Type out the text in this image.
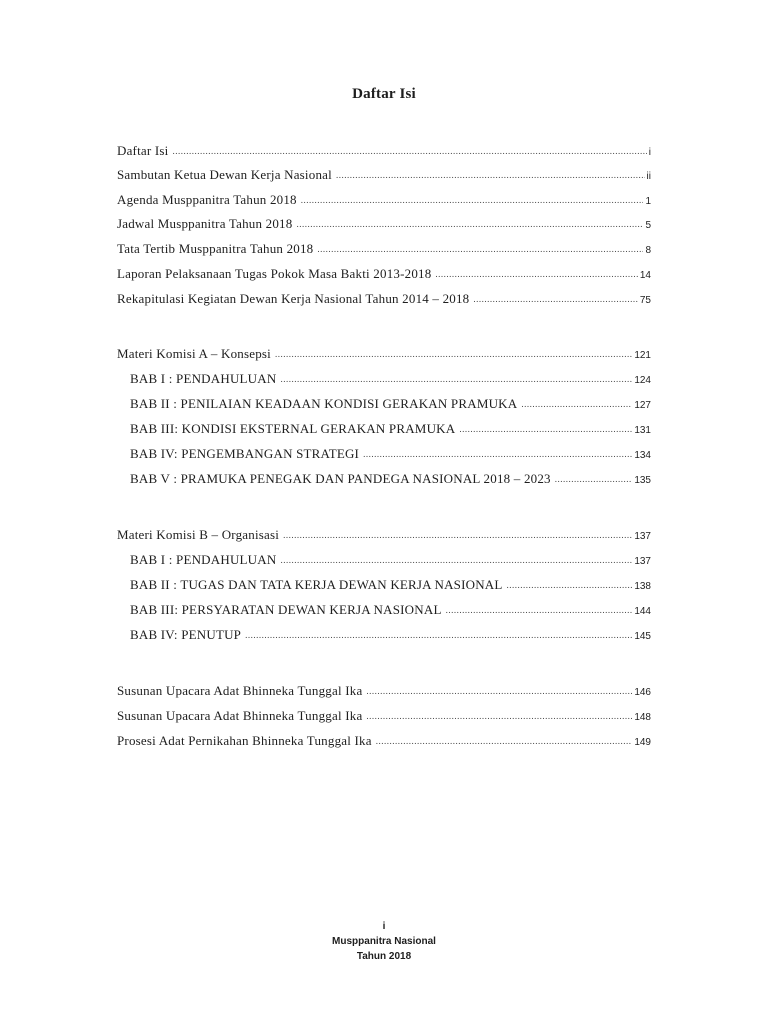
Daftar Isi
Daftar Isi .....	i
Sambutan Ketua Dewan Kerja Nasional .....	ii
Agenda Musppanitra Tahun 2018 .....	1
Jadwal Musppanitra Tahun 2018 .....	5
Tata Tertib Musppanitra Tahun 2018 .....	8
Laporan Pelaksanaan Tugas Pokok Masa Bakti 2013-2018 .....	14
Rekapitulasi Kegiatan Dewan Kerja Nasional Tahun 2014 – 2018 .....	75
Materi Komisi A – Konsepsi .....	121
BAB I : PENDAHULUAN .....	124
BAB II : PENILAIAN KEADAAN KONDISI GERAKAN PRAMUKA .....	127
BAB III: KONDISI EKSTERNAL GERAKAN PRAMUKA .....	131
BAB IV: PENGEMBANGAN STRATEGI .....	134
BAB V : PRAMUKA PENEGAK DAN PANDEGA NASIONAL 2018 – 2023 .....	135
Materi Komisi B – Organisasi .....	137
BAB I : PENDAHULUAN .....	137
BAB II : TUGAS DAN TATA KERJA DEWAN KERJA NASIONAL .....	138
BAB III: PERSYARATAN DEWAN KERJA NASIONAL .....	144
BAB IV: PENUTUP .....	145
Susunan Upacara Adat Bhinneka Tunggal Ika .....	146
Susunan Upacara Adat Bhinneka Tunggal Ika .....	148
Prosesi Adat Pernikahan Bhinneka Tunggal Ika .....	149
i
Musppanitra Nasional
Tahun 2018
